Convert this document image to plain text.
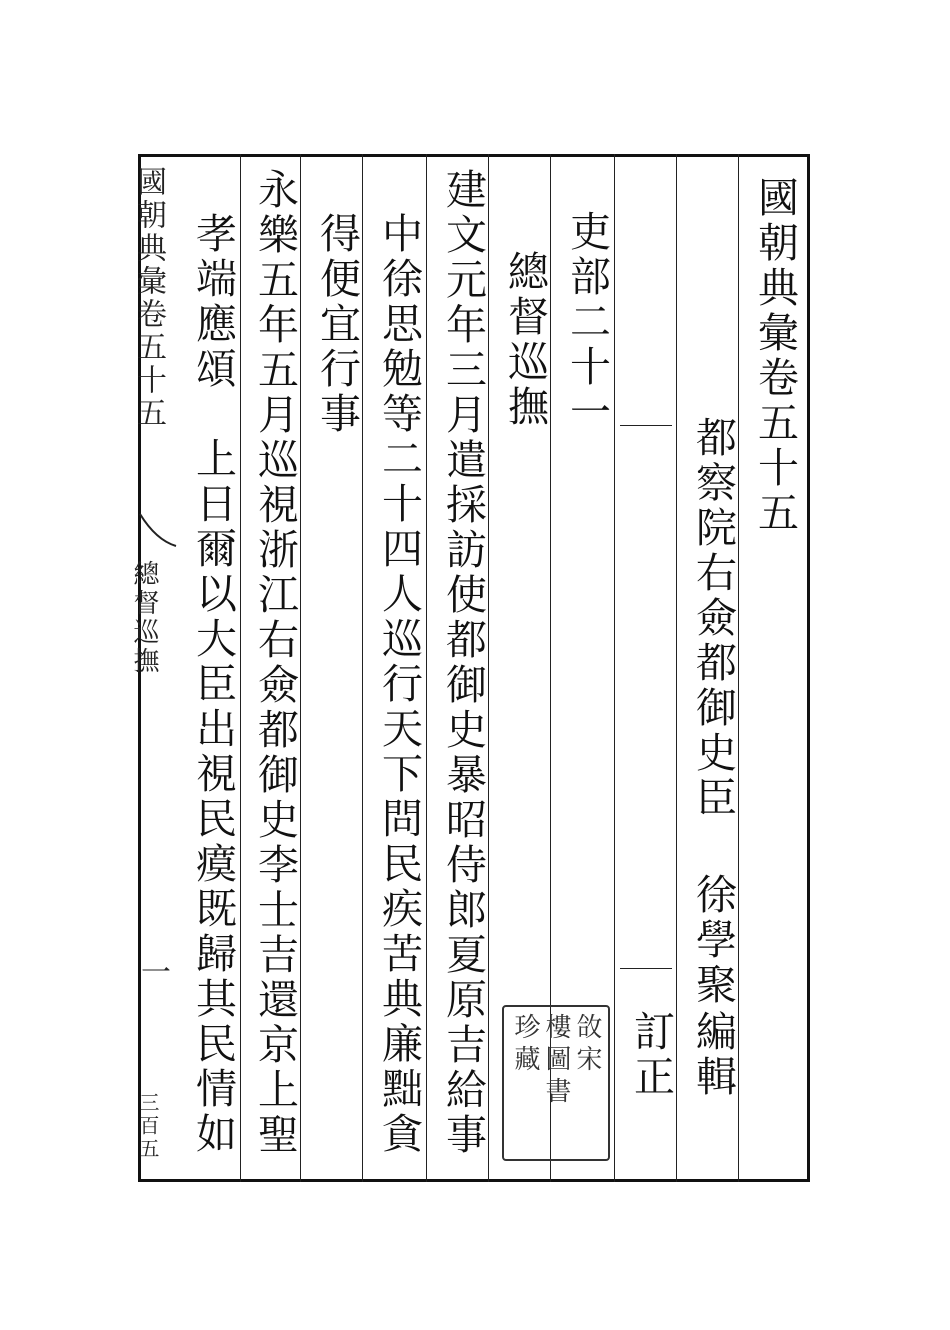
國朝典彙卷五十五
都察院右僉都御史臣 徐學聚
編輯
訂正
吏部二十一
總督巡撫
建文元年三月遣採訪使都御史暴昭侍郎夏原吉給事
中徐思勉等二十四人巡行天下問民疾苦典廉黜貪
得便宜行事
永樂五年五月巡視浙江右僉都御史李士吉還京上聖
孝端應頌　上日爾以大臣出視民瘼既歸其民情如
國朝典彙卷五十五
總督巡撫
一
三百五
㪉宋
樓圖書
珍藏
